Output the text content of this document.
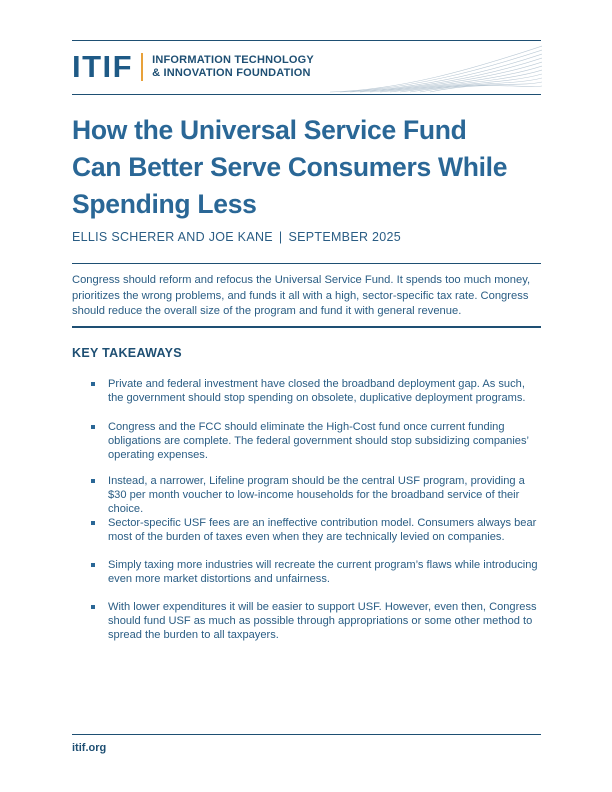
ITIF INFORMATION TECHNOLOGY
& INNOVATION FOUNDATION
How the Universal Service Fund Can Better Serve Consumers While Spending Less
ELLIS SCHERER AND JOE KANE | SEPTEMBER 2025

Congress should reform and refocus the Universal Service Fund. It spends too much money, prioritizes the wrong problems, and funds it all with a high, sector-specific tax rate. Congress should reduce the overall size of the program and fund it with general revenue.

KEY TAKEAWAYS
Private and federal investment have closed the broadband deployment gap. As such, the government should stop spending on obsolete, duplicative deployment programs.
Congress and the FCC should eliminate the High-Cost fund once current funding obligations are complete. The federal government should stop subsidizing companies’ operating expenses.
Instead, a narrower, Lifeline program should be the central USF program, providing a $30 per month voucher to low-income households for the broadband service of their choice.
Sector-specific USF fees are an ineffective contribution model. Consumers always bear most of the burden of taxes even when they are technically levied on companies.
Simply taxing more industries will recreate the current program’s flaws while introducing even more market distortions and unfairness.
With lower expenditures it will be easier to support USF. However, even then, Congress should fund USF as much as possible through appropriations or some other method to spread the burden to all taxpayers.
itif.org
